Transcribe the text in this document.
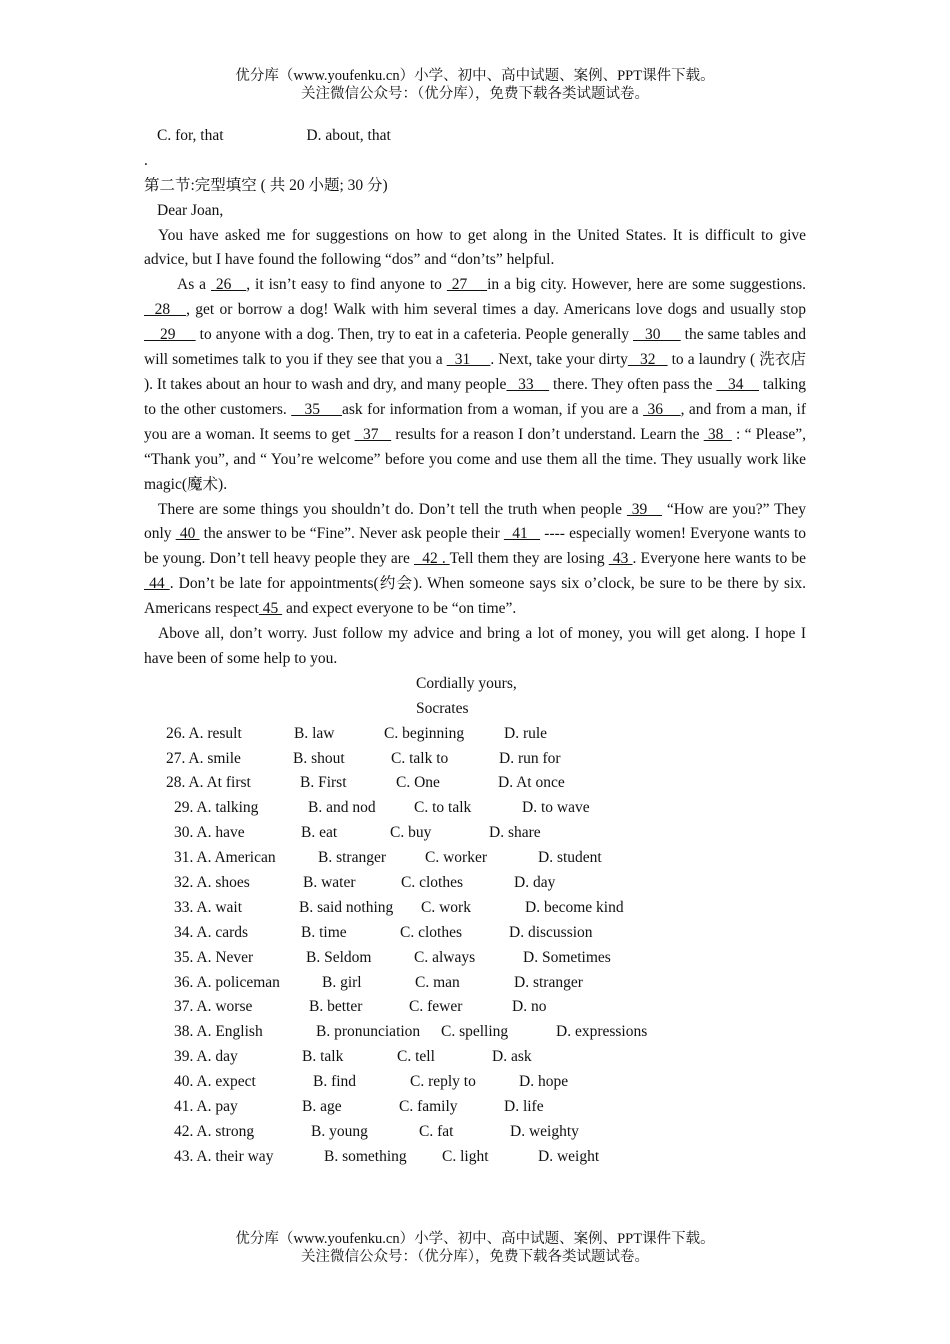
优分库（www.youfenku.cn）小学、初中、高中试题、案例、PPT课件下载。
关注微信公众号：（优分库），免费下载各类试题试卷。
C. for, that	D. about, that
.
第二节:完型填空 ( 共 20 小题; 30 分)
Dear Joan,
You have asked me for suggestions on how to get along in the United States. It is difficult to give advice, but I have found the following “dos” and “don’ts” helpful.
As a  26   , it isn’t easy to find anyone to  27    in a big city. However, here are some suggestions.  28   , get or borrow a dog! Walk with him several times a day. Americans love dogs and usually stop    29      to anyone with a dog. Then, try to eat in a cafeteria. People generally    30      the same tables and will sometimes talk to you if they see that you a   31     . Next, take your dirty   32    to a laundry ( 洗衣店 ). It takes about an hour to wash and dry, and many people   33     there. They often pass the    34     talking to the other customers.    35     ask for information from a woman, if you are a  36    , and from a man, if you are a woman. It seems to get   37    results for a reason I don’t understand. Learn the  38   : “ Please”, “Thank you”, and “ You’re welcome” before you come and use them all the time. They usually work like magic(魔术).
There are some things you shouldn’t do. Don’t tell the truth when people  39    “How are you?” They only  40  the answer to be “Fine”. Never ask people their   41    ---- especially women! Everyone wants to be young. Don’t tell heavy people they are   42 . Tell them they are losing  43 . Everyone here wants to be  44 . Don’t be late for appointments(约会). When someone says six o’clock, be sure to be there by six. Americans respect 45  and expect everyone to be “on time”.
Above all, don’t worry. Just follow my advice and bring a lot of money, you will get along. I hope I have been of some help to you.
Cordially yours,
Socrates
26. A. result	B. law	C. beginning	D. rule
27. A. smile	B. shout	C. talk to	D. run for
28. A. At first	B. First	C. One	D. At once
29. A. talking	B. and nod C. to talk	D. to wave
30. A. have	B. eat	C. buy	D. share
31. A. American	B. stranger	C. worker	D. student
32. A. shoes	B. water	C. clothes	D. day
33. A. wait	B. said nothing C. work	D. become kind
34. A. cards	B. time	C. clothes	D. discussion
35. A. Never	B. Seldom	C. always	D. Sometimes
36. A. policeman	B. girl	C. man	D. stranger
37. A. worse	B. better	C. fewer	D. no
38. A. English	B. pronunciation C. spelling	D. expressions
39. A. day	B. talk	C. tell	D. ask
40. A. expect	B. find	C. reply to	D. hope
41. A. pay	B. age	C. family	D. life
42. A. strong	B. young	C. fat	D. weighty
43. A. their way	B. something C. light	D. weight
优分库（www.youfenku.cn）小学、初中、高中试题、案例、PPT课件下载。
关注微信公众号：（优分库），免费下载各类试题试卷。
